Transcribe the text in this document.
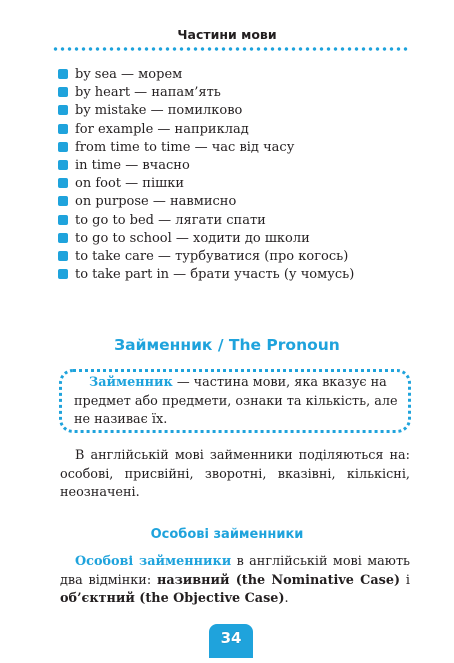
Частини мови
by sea — морем
by heart — напам’ять
by mistake — помилково
for example — наприклад
from time to time — час від часу
in time — вчасно
on foot — пішки
on purpose — навмисно
to go to bed — лягати спати
to go to school — ходити до школи
to take care — турбуватися (про когось)
to take part in — брати участь (у чомусь)
Займенник / The Pronoun
Займенник — частина мови, яка вказує на предмет або предмети, ознаки та кількість, але не називає їх.
В англійській мові займенники поділяються на: особові, присвійні, зворотні, вказівні, кількісні, неозначені.
Особові займенники
Особові займенники в англійській мові мають два відмінки: називний (the Nominative Case) і об’єктний (the Objective Case).
34
